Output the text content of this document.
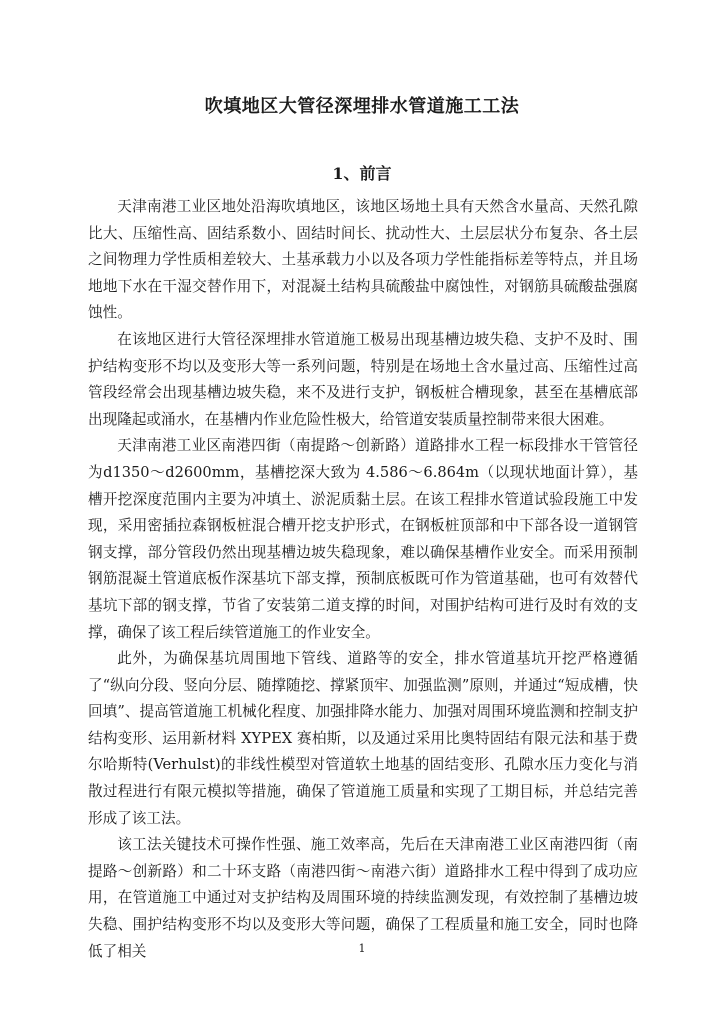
吹填地区大管径深埋排水管道施工工法
1、前言

天津南港工业区地处沿海吹填地区，该地区场地土具有天然含水量高、天然孔隙比大、压缩性高、固结系数小、固结时间长、扰动性大、土层层状分布复杂、各土层之间物理力学性质相差较大、土基承载力小以及各项力学性能指标差等特点，并且场地地下水在干湿交替作用下，对混凝土结构具硫酸盐中腐蚀性，对钢筋具硫酸盐强腐蚀性。

在该地区进行大管径深埋排水管道施工极易出现基槽边坡失稳、支护不及时、围护结构变形不均以及变形大等一系列问题，特别是在场地土含水量过高、压缩性过高管段经常会出现基槽边坡失稳，来不及进行支护，钢板桩合槽现象，甚至在基槽底部出现隆起或涌水，在基槽内作业危险性极大，给管道安装质量控制带来很大困难。

天津南港工业区南港四街（南提路～创新路）道路排水工程一标段排水干管管径为d1350～d2600mm，基槽挖深大致为 4.586～6.864m（以现状地面计算），基槽开挖深度范围内主要为冲填土、淤泥质黏土层。在该工程排水管道试验段施工中发现，采用密插拉森钢板桩混合槽开挖支护形式，在钢板桩顶部和中下部各设一道钢管钢支撑，部分管段仍然出现基槽边坡失稳现象，难以确保基槽作业安全。而采用预制钢筋混凝土管道底板作深基坑下部支撑，预制底板既可作为管道基础，也可有效替代基坑下部的钢支撑，节省了安装第二道支撑的时间，对围护结构可进行及时有效的支撑，确保了该工程后续管道施工的作业安全。

此外，为确保基坑周围地下管线、道路等的安全，排水管道基坑开挖严格遵循了“纵向分段、竖向分层、随撑随挖、撑紧顶牢、加强监测”原则，并通过“短成槽，快回填”、提高管道施工机械化程度、加强排降水能力、加强对周围环境监测和控制支护结构变形、运用新材料 XYPEX 赛柏斯，以及通过采用比奥特固结有限元法和基于费尔哈斯特(Verhulst)的非线性模型对管道软土地基的固结变形、孔隙水压力变化与消散过程进行有限元模拟等措施，确保了管道施工质量和实现了工期目标，并总结完善形成了该工法。

该工法关键技术可操作性强、施工效率高，先后在天津南港工业区南港四街（南提路～创新路）和二十环支路（南港四街～南港六街）道路排水工程中得到了成功应用，在管道施工中通过对支护结构及周围环境的持续监测发现，有效控制了基槽边坡失稳、围护结构变形不均以及变形大等问题，确保了工程质量和施工安全，同时也降低了相关	1
